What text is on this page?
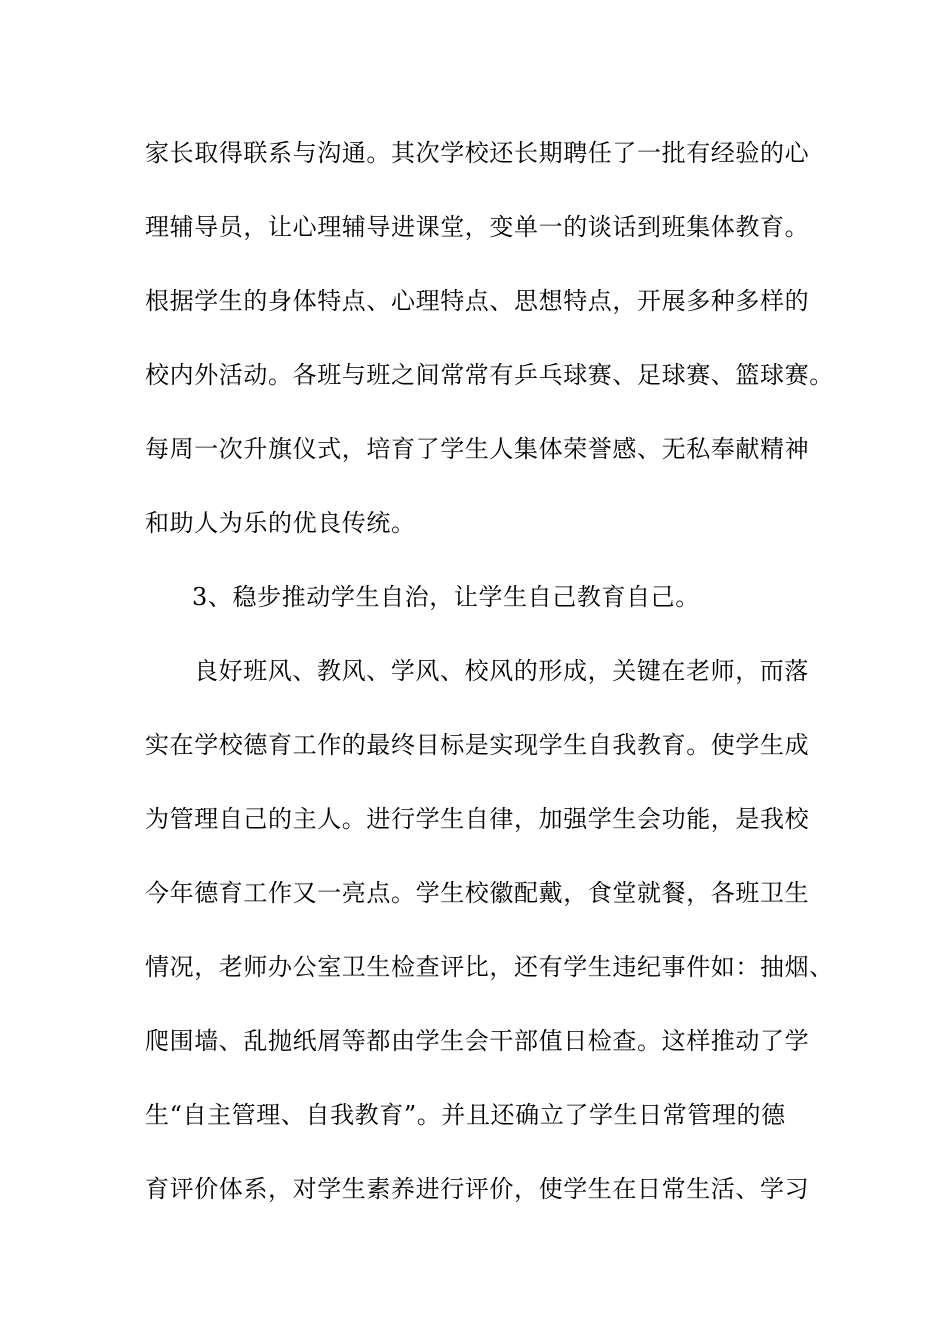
家长取得联系与沟通。其次学校还长期聘任了一批有经验的心
理辅导员，让心理辅导进课堂，变单一的谈话到班集体教育。
根据学生的身体特点、心理特点、思想特点，开展多种多样的
校内外活动。各班与班之间常常有乒乓球赛、足球赛、篮球赛。
每周一次升旗仪式，培育了学生人集体荣誉感、无私奉献精神
和助人为乐的优良传统。
3、稳步推动学生自治，让学生自己教育自己。
良好班风、教风、学风、校风的形成，关键在老师，而落
实在学校德育工作的最终目标是实现学生自我教育。使学生成
为管理自己的主人。进行学生自律，加强学生会功能，是我校
今年德育工作又一亮点。学生校徽配戴，食堂就餐，各班卫生
情况，老师办公室卫生检查评比，还有学生违纪事件如：抽烟、
爬围墙、乱抛纸屑等都由学生会干部值日检查。这样推动了学
生“自主管理、自我教育”。并且还确立了学生日常管理的德
育评价体系，对学生素养进行评价，使学生在日常生活、学习
